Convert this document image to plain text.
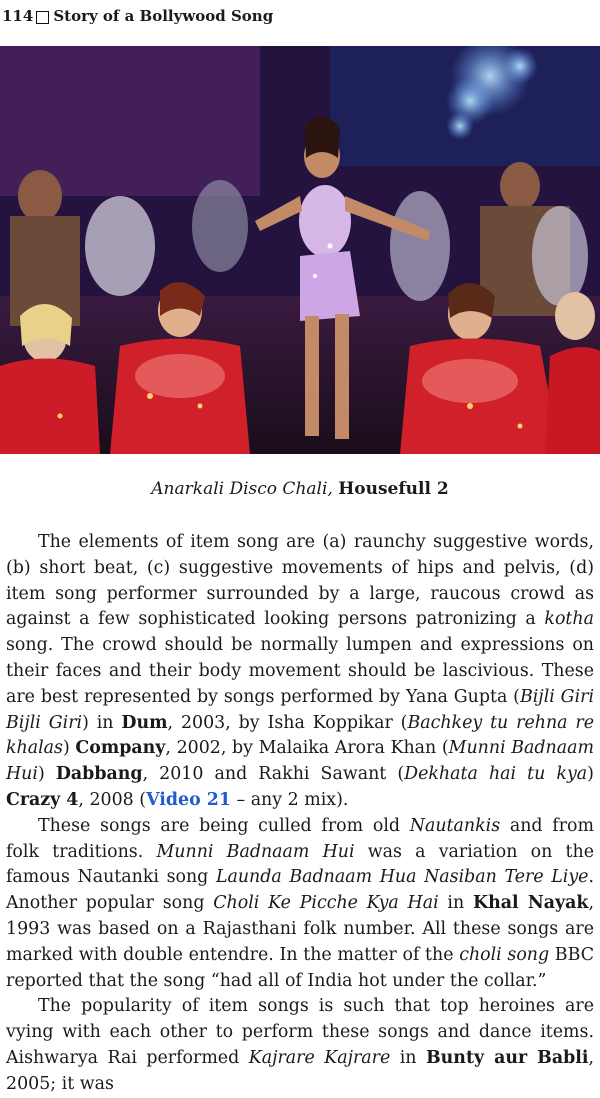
114 Story of a Bollywood Song
Anarkali Disco Chali, Housefull 2

The elements of item song are (a) raunchy suggestive words, (b) short beat, (c) suggestive movements of hips and pelvis, (d) item song performer surrounded by a large, raucous crowd as against a few sophisticated looking persons patronizing a kotha song. The crowd should be normally lumpen and expressions on their faces and their body movement should be lascivious. These are best represented by songs performed by Yana Gupta (Bijli Giri Bijli Giri) in Dum, 2003, by Isha Koppikar (Bachkey tu rehna re khalas) Company, 2002, by Malaika Arora Khan (Munni Badnaam Hui) Dabbang, 2010 and Rakhi Sawant (Dekhata hai tu kya) Crazy 4, 2008 (Video 21 – any 2 mix).

These songs are being culled from old Nautankis and from folk traditions. Munni Badnaam Hui was a variation on the famous Nautanki song Launda Badnaam Hua Nasiban Tere Liye. Another popular song Choli Ke Picche Kya Hai in Khal Nayak, 1993 was based on a Rajasthani folk number. All these songs are marked with double entendre. In the matter of the choli song BBC reported that the song “had all of India hot under the collar.”

The popularity of item songs is such that top heroines are vying with each other to perform these songs and dance items. Aishwarya Rai performed Kajrare Kajrare in Bunty aur Babli, 2005; it was
